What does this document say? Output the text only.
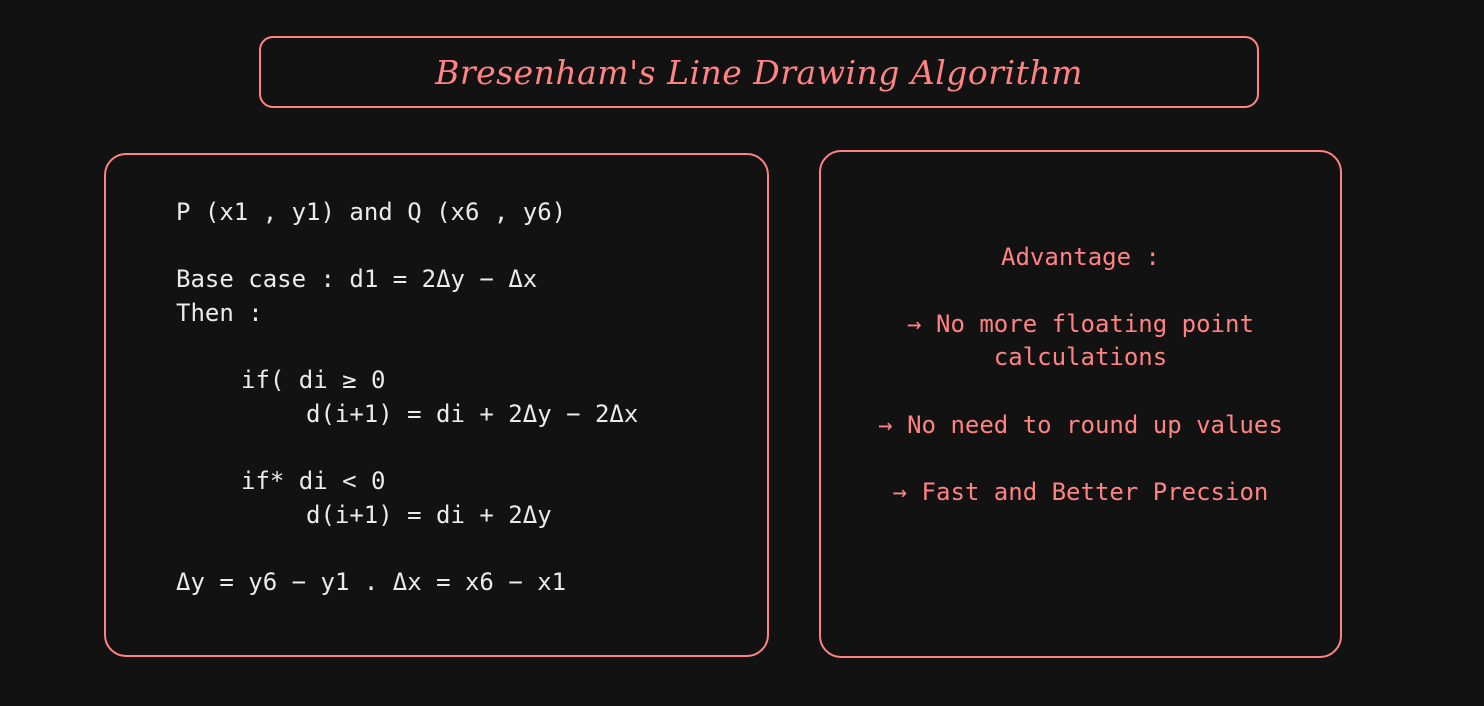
Bresenham's Line Drawing Algorithm

P (x1 , y1) and Q (x6 , y6)

Base case : d1 = 2Δy − Δx

Then :

if( di ≥ 0

d(i+1) = di + 2Δy − 2Δx

if* di < 0

d(i+1) = di + 2Δy

Δy = y6 − y1 . Δx = x6 − x1

Advantage :

→ No more floating point

calculations

→ No need to round up values

→ Fast and Better Precsion
